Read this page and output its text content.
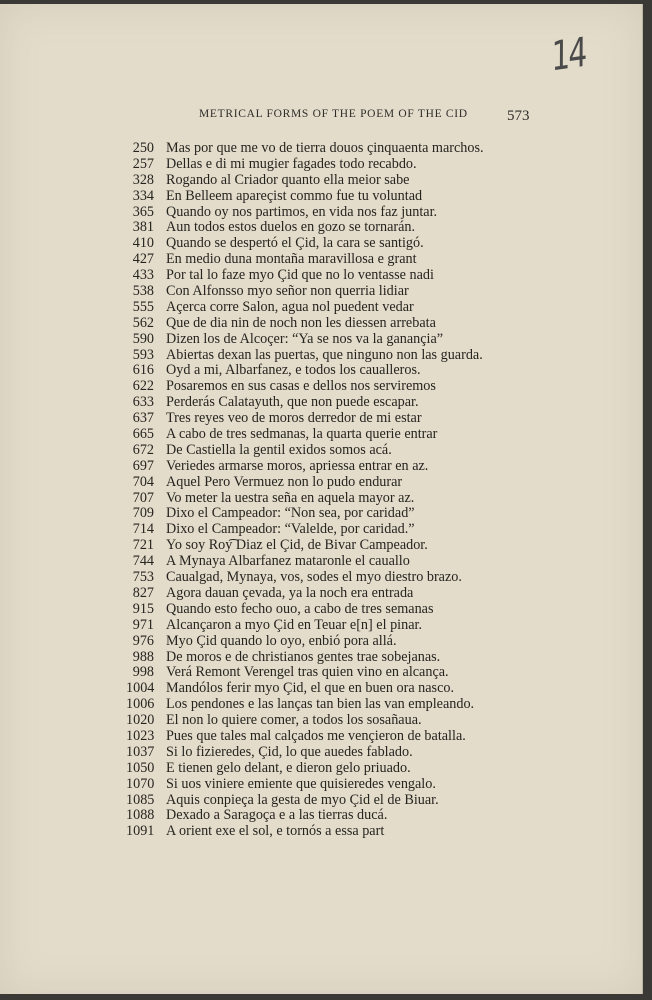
14
METRICAL FORMS OF THE POEM OF THE CID	573
250 Mas por que me vo de tierra douos çinquaenta marchos.
257 Dellas e di mi mugier fagades todo recabdo.
328 Rogando al Criador quanto ella meior sabe
334 En Belleem apareçist commo fue tu voluntad
365 Quando oy nos partimos, en vida nos faz juntar.
381 Aun todos estos duelos en gozo se tornarán.
410 Quando se despertó el Çid, la cara se santigó.
427 En medio duna montaña maravillosa e grant
433 Por tal lo faze myo Çid que no lo ventasse nadi
538 Con Alfonsso myo señor non querria lidiar
555 Açerca corre Salon, agua nol puedent vedar
562 Que de dia nin de noch non les diessen arrebata
590 Dizen los de Alcoçer: “Ya se nos va la ganançia”
593 Abiertas dexan las puertas, que ninguno non las guarda.
616 Oyd a mi, Albarfanez, e todos los caualleros.
622 Posaremos en sus casas e dellos nos serviremos
633 Perderás Calatayuth, que non puede escapar.
637 Tres reyes veo de moros derredor de mi estar
665 A cabo de tres sedmanas, la quarta querie entrar
672 De Castiella la gentil exidos somos acá.
697 Veriedes armarse moros, apriessa entrar en az.
704 Aquel Pero Vermuez non lo pudo endurar
707 Vo meter la uestra seña en aquela mayor az.
709 Dixo el Campeador: “Non sea, por caridad”
714 Dixo el Campeador: “Valelde, por caridad.”
721 Yo soy Roy͡ Diaz el Çid, de Bivar Campeador.
744 A Mynaya Albarfanez mataronle el cauallo
753 Caualgad, Mynaya, vos, sodes el myo diestro brazo.
827 Agora dauan çevada, ya la noch era entrada
915 Quando esto fecho ouo, a cabo de tres semanas
971 Alcançaron a myo Çid en Teuar e[n] el pinar.
976 Myo Çid quando lo oyo, enbió pora allá.
988 De moros e de christianos gentes trae sobejanas.
998 Verá Remont Verengel tras quien vino en alcança.
1004 Mandólos ferir myo Çid, el que en buen ora nasco.
1006 Los pendones e las lanças tan bien las van empleando.
1020 El non lo quiere comer, a todos los sosañaua.
1023 Pues que tales mal calçados me vençieron de batalla.
1037 Si lo fizieredes, Çid, lo que auedes fablado.
1050 E tienen gelo delant, e dieron gelo priuado.
1070 Si uos viniere emiente que quisieredes vengalo.
1085 Aquis conpieça la gesta de myo Çid el de Biuar.
1088 Dexado a Saragoça e a las tierras ducá.
1091 A orient exe el sol, e tornós a essa part
